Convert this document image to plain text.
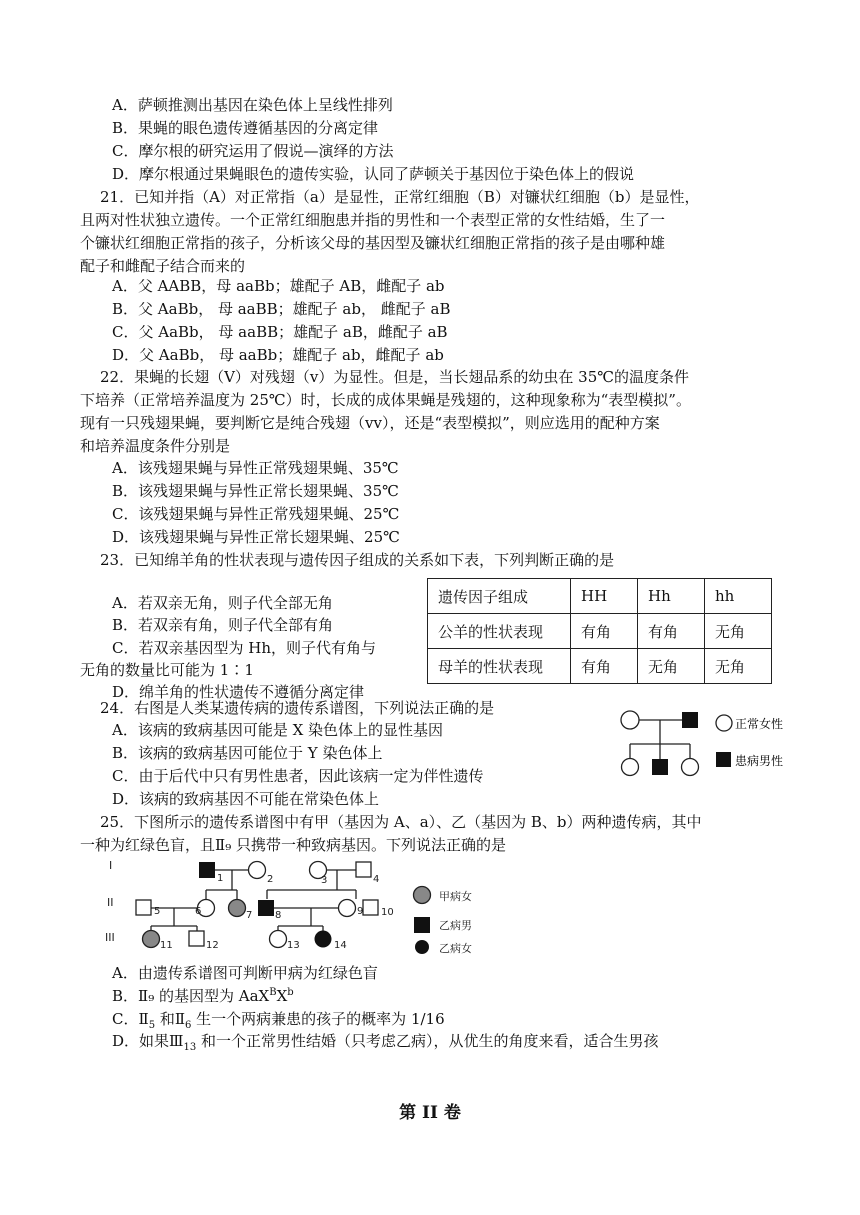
A．萨顿推测出基因在染色体上呈线性排列
B．果蝇的眼色遗传遵循基因的分离定律
C．摩尔根的研究运用了假说—演绎的方法
D．摩尔根通过果蝇眼色的遗传实验，认同了萨顿关于基因位于染色体上的假说
21．已知并指（A）对正常指（a）是显性，正常红细胞（B）对镰状红细胞（b）是显性，
且两对性状独立遗传。一个正常红细胞患并指的男性和一个表型正常的女性结婚，生了一
个镰状红细胞正常指的孩子，分析该父母的基因型及镰状红细胞正常指的孩子是由哪种雄
配子和雌配子结合而来的
A．父 AABB，母 aaBb；雄配子 AB，雌配子 ab
B．父 AaBb， 母 aaBB；雄配子 ab， 雌配子 aB
C．父 AaBb， 母 aaBB；雄配子 aB，雌配子 aB
D．父 AaBb， 母 aaBb；雄配子 ab，雌配子 ab
22．果蝇的长翅（V）对残翅（v）为显性。但是，当长翅品系的幼虫在 35℃的温度条件
下培养（正常培养温度为 25℃）时，长成的成体果蝇是残翅的，这种现象称为“表型模拟”。
现有一只残翅果蝇，要判断它是纯合残翅（vv），还是“表型模拟”，则应选用的配种方案
和培养温度条件分别是
A．该残翅果蝇与异性正常残翅果蝇、35℃
B．该残翅果蝇与异性正常长翅果蝇、35℃
C．该残翅果蝇与异性正常残翅果蝇、25℃
D．该残翅果蝇与异性正常长翅果蝇、25℃
23．已知绵羊角的性状表现与遗传因子组成的关系如下表，下列判断正确的是
A．若双亲无角，则子代全部无角
B．若双亲有角，则子代全部有角
C．若双亲基因型为 Hh，则子代有角与
无角的数量比可能为 1∶1
D．绵羊角的性状遗传不遵循分离定律
遗传因子组成	HH	Hh	hh
公羊的性状表现	有角	有角	无角
母羊的性状表现	有角	无角	无角
24．右图是人类某遗传病的遗传系谱图，下列说法正确的是
A．该病的致病基因可能是 X 染色体上的显性基因
B．该病的致病基因可能位于 Y 染色体上
C．由于后代中只有男性患者，因此该病一定为伴性遗传
D．该病的致病基因不可能在常染色体上
正常女性
患病男性
25．下图所示的遗传系谱图中有甲（基因为 A、a）、乙（基因为 B、b）两种遗传病，其中
一种为红绿色盲，且Ⅱ₉ 只携带一种致病基因。下列说法正确的是
I
II
III
1	2	3	4
5	6	7 8	9 10
11	12	13	14
甲病女
乙病男
乙病女
A．由遗传系谱图可判断甲病为红绿色盲
B．Ⅱ₉ 的基因型为 $AaX^BX^b$
C．$Ⅱ_5$ 和$Ⅱ_6$ 生一个两病兼患的孩子的概率为 1/16
D．如果$Ⅲ_{13}$ 和一个正常男性结婚（只考虑乙病），从优生的角度来看，适合生男孩
第 II 卷
